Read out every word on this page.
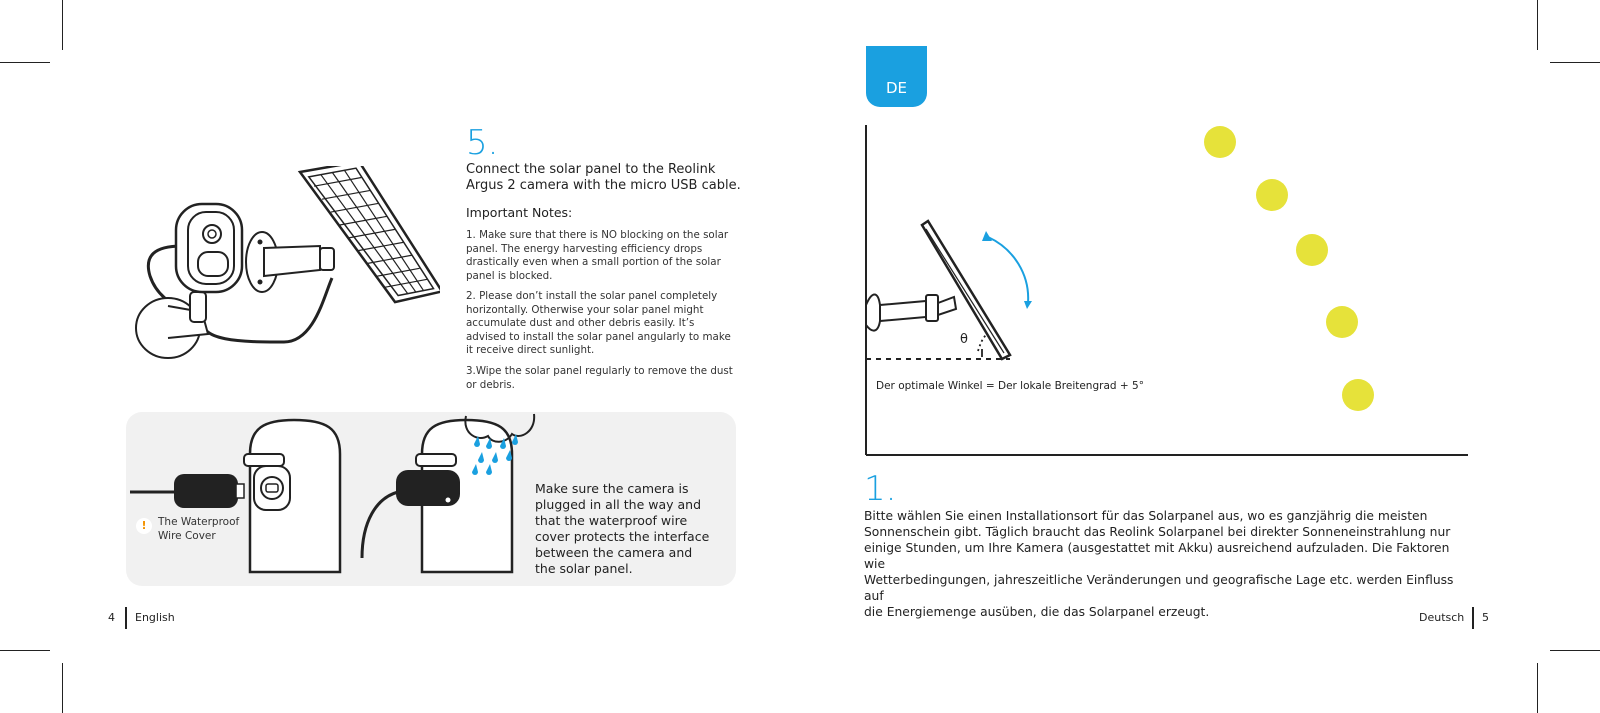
5.
Connect the solar panel to the Reolink
Argus 2 camera with the micro USB cable.
Important Notes:
1. Make sure that there is NO blocking on the solar
panel. The energy harvesting efficiency drops
drastically even when a small portion of the solar
panel is blocked.
2. Please don’t install the solar panel completely
horizontally. Otherwise your solar panel might
accumulate dust and other debris easily. It’s
advised to install the solar panel angularly to make
it receive direct sunlight.
3.Wipe the solar panel regularly to remove the dust
or debris.
!	The Waterproof
Wire Cover
Make sure the camera is
plugged in all the way and
that the waterproof wire
cover protects the interface
between the camera and
the solar panel.
4 English
DE
θ
Der optimale Winkel = Der lokale Breitengrad + 5°
1.
Bitte wählen Sie einen Installationsort für das Solarpanel aus, wo es ganzjährig die meisten
Sonnenschein gibt. Täglich braucht das Reolink Solarpanel bei direkter Sonneneinstrahlung nur
einige Stunden, um Ihre Kamera (ausgestattet mit Akku) ausreichend aufzuladen. Die Faktoren wie
Wetterbedingungen, jahreszeitliche Veränderungen und geografische Lage etc. werden Einfluss auf
die Energiemenge ausüben, die das Solarpanel erzeugt.	Deutsch 5
